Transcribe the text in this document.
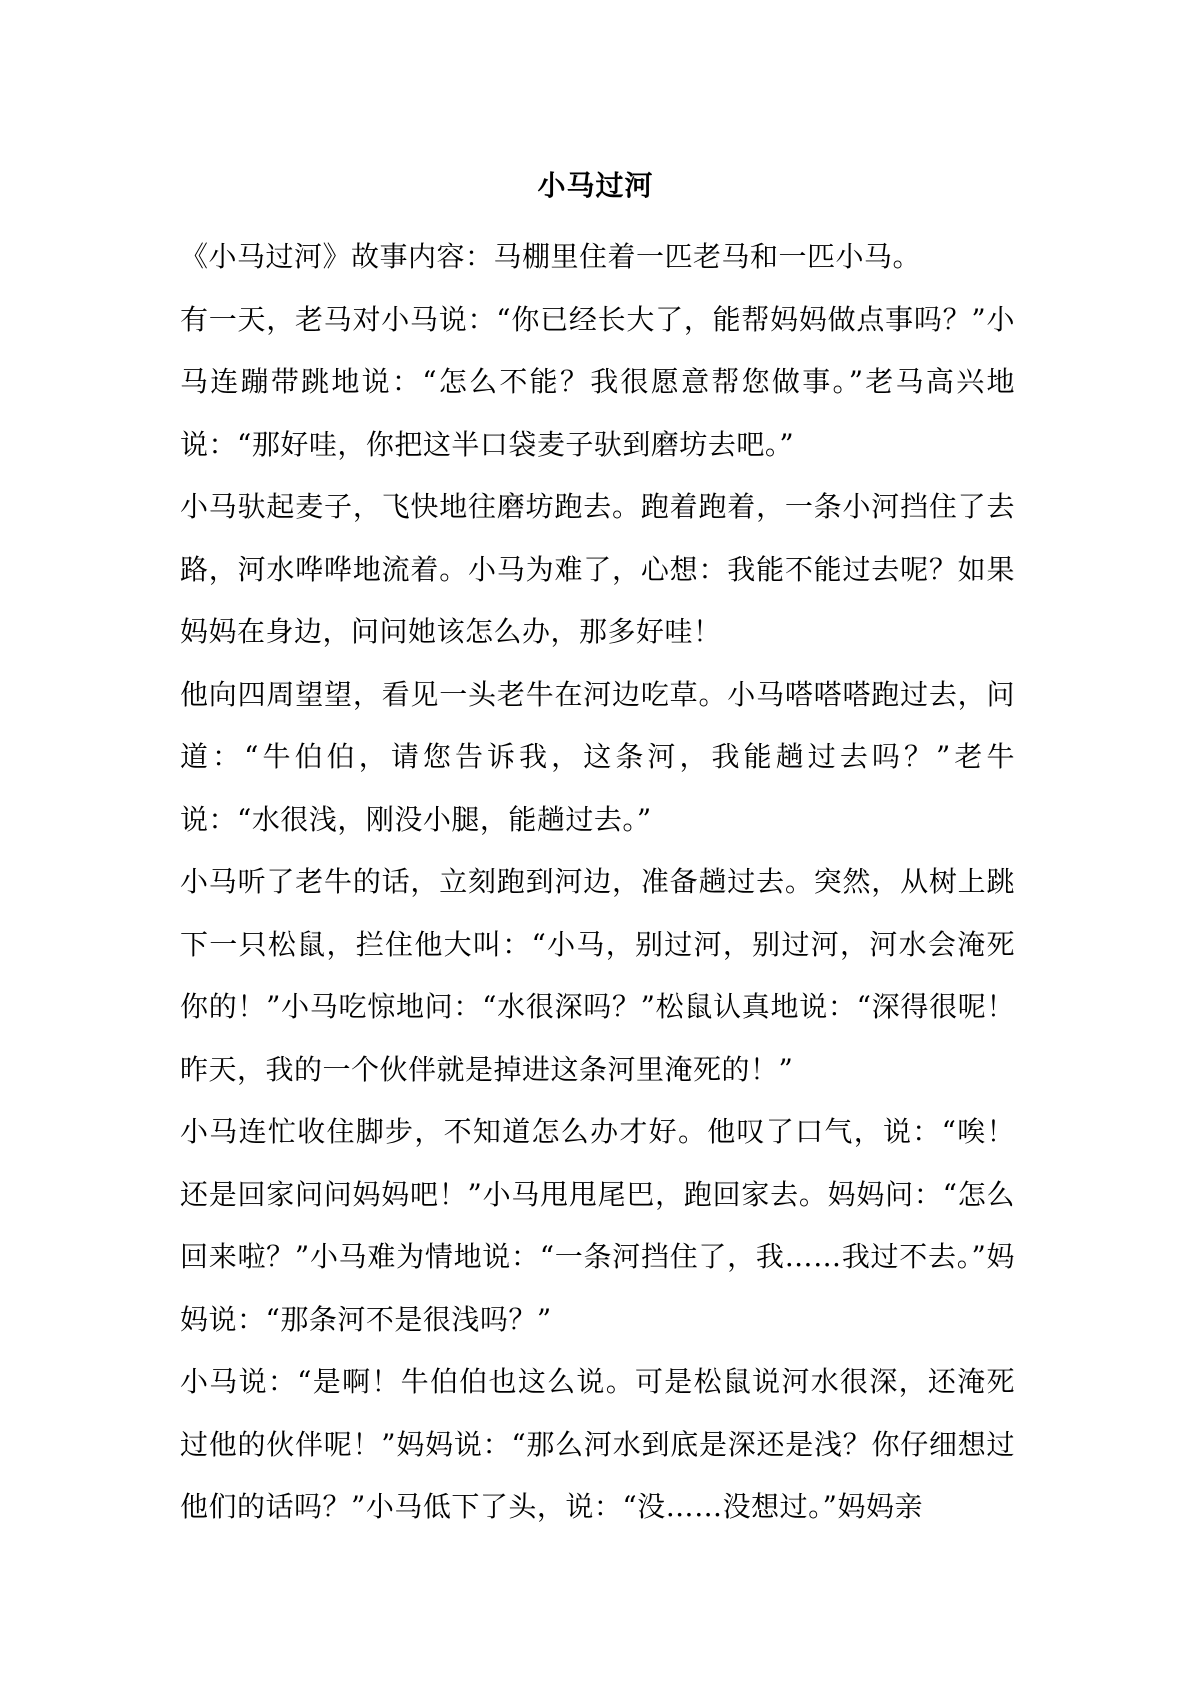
小马过河

《小马过河》故事内容：马棚里住着一匹老马和一匹小马。

有一天，老马对小马说：“你已经长大了，能帮妈妈做点事吗？”小马连蹦带跳地说：“怎么不能？我很愿意帮您做事。”老马高兴地说：“那好哇，你把这半口袋麦子驮到磨坊去吧。”

小马驮起麦子，飞快地往磨坊跑去。跑着跑着，一条小河挡住了去路，河水哗哗地流着。小马为难了，心想：我能不能过去呢？如果妈妈在身边，问问她该怎么办，那多好哇！

他向四周望望，看见一头老牛在河边吃草。小马嗒嗒嗒跑过去，问道：“牛伯伯，请您告诉我，这条河，我能趟过去吗？”老牛说：“水很浅，刚没小腿，能趟过去。”

小马听了老牛的话，立刻跑到河边，准备趟过去。突然，从树上跳下一只松鼠，拦住他大叫：“小马，别过河，别过河，河水会淹死你的！”小马吃惊地问：“水很深吗？”松鼠认真地说：“深得很呢！昨天，我的一个伙伴就是掉进这条河里淹死的！”

小马连忙收住脚步，不知道怎么办才好。他叹了口气，说：“唉！还是回家问问妈妈吧！”小马甩甩尾巴，跑回家去。妈妈问：“怎么回来啦？”小马难为情地说：“一条河挡住了，我……我过不去。”妈妈说：“那条河不是很浅吗？”

小马说：“是啊！牛伯伯也这么说。可是松鼠说河水很深，还淹死过他的伙伴呢！”妈妈说：“那么河水到底是深还是浅？你仔细想过他们的话吗？”小马低下了头，说：“没……没想过。”妈妈亲
